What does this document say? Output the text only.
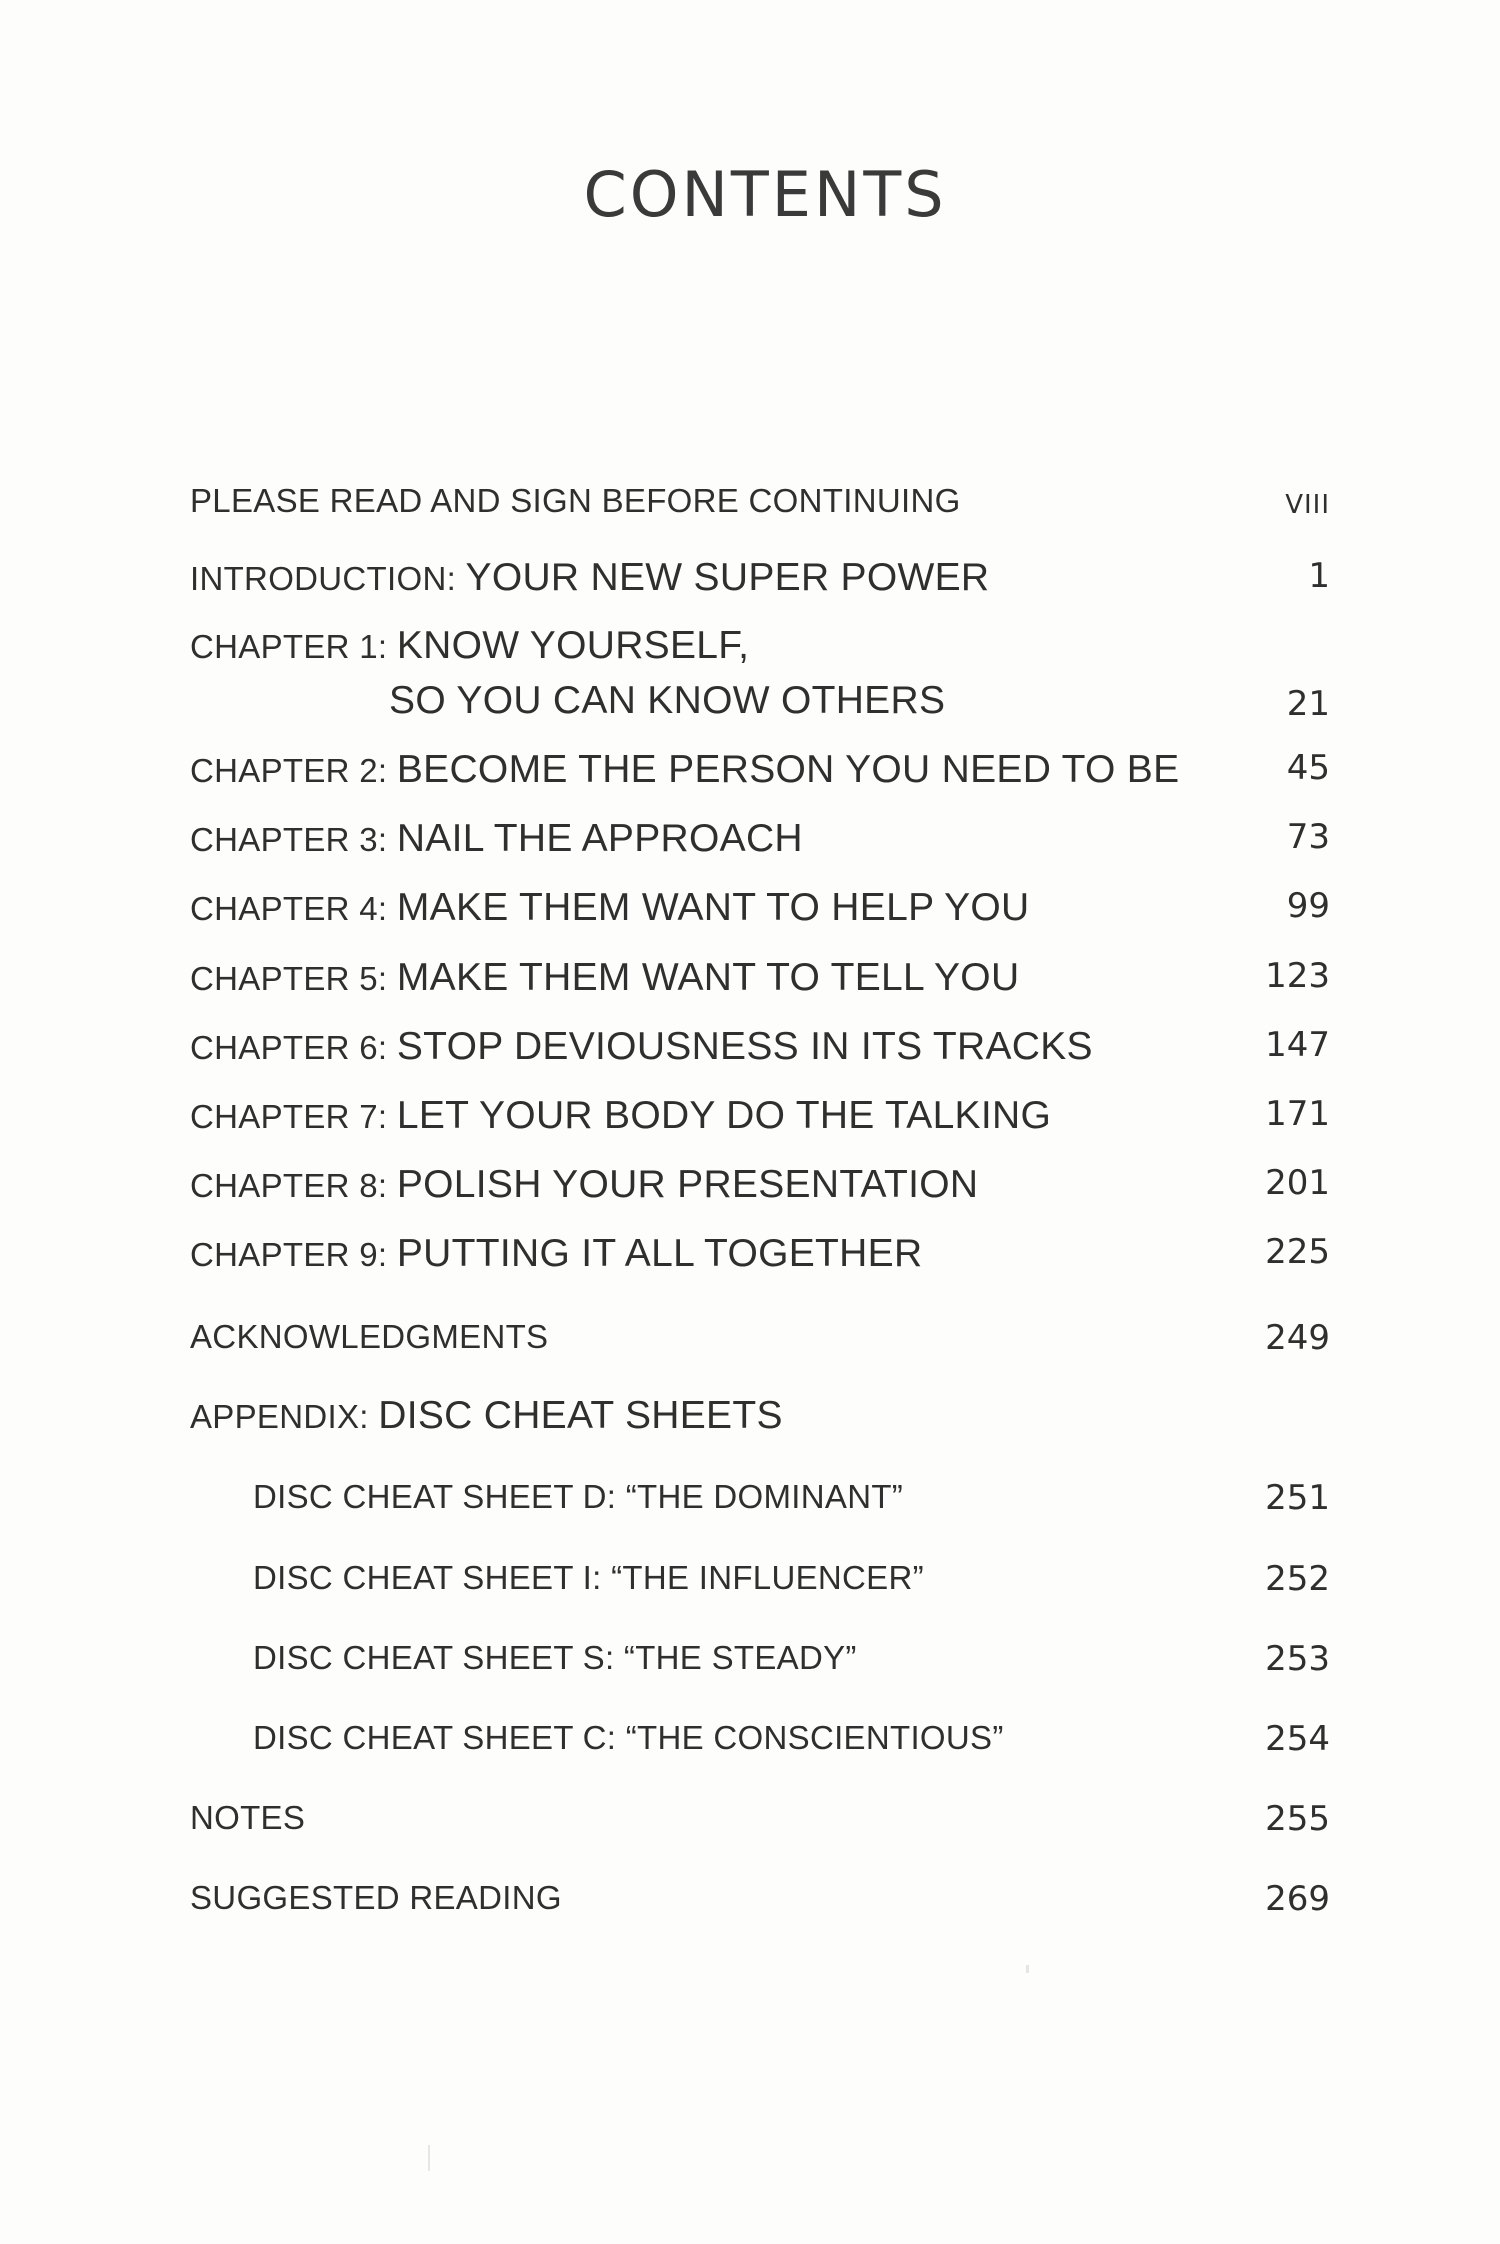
CONTENTS
PLEASE READ AND SIGN BEFORE CONTINUING	VIII
INTRODUCTION: YOUR NEW SUPER POWER	1
CHAPTER 1: KNOW YOURSELF,
SO YOU CAN KNOW OTHERS	21
CHAPTER 2: BECOME THE PERSON YOU NEED TO BE	45
CHAPTER 3: NAIL THE APPROACH	73
CHAPTER 4: MAKE THEM WANT TO HELP YOU	99
CHAPTER 5: MAKE THEM WANT TO TELL YOU	123
CHAPTER 6: STOP DEVIOUSNESS IN ITS TRACKS	147
CHAPTER 7: LET YOUR BODY DO THE TALKING	171
CHAPTER 8: POLISH YOUR PRESENTATION	201
CHAPTER 9: PUTTING IT ALL TOGETHER	225
ACKNOWLEDGMENTS	249
APPENDIX: DISC CHEAT SHEETS
DISC CHEAT SHEET D: “THE DOMINANT”	251
DISC CHEAT SHEET I: “THE INFLUENCER”	252
DISC CHEAT SHEET S: “THE STEADY”	253
DISC CHEAT SHEET C: “THE CONSCIENTIOUS”	254
NOTES	255
SUGGESTED READING	269
